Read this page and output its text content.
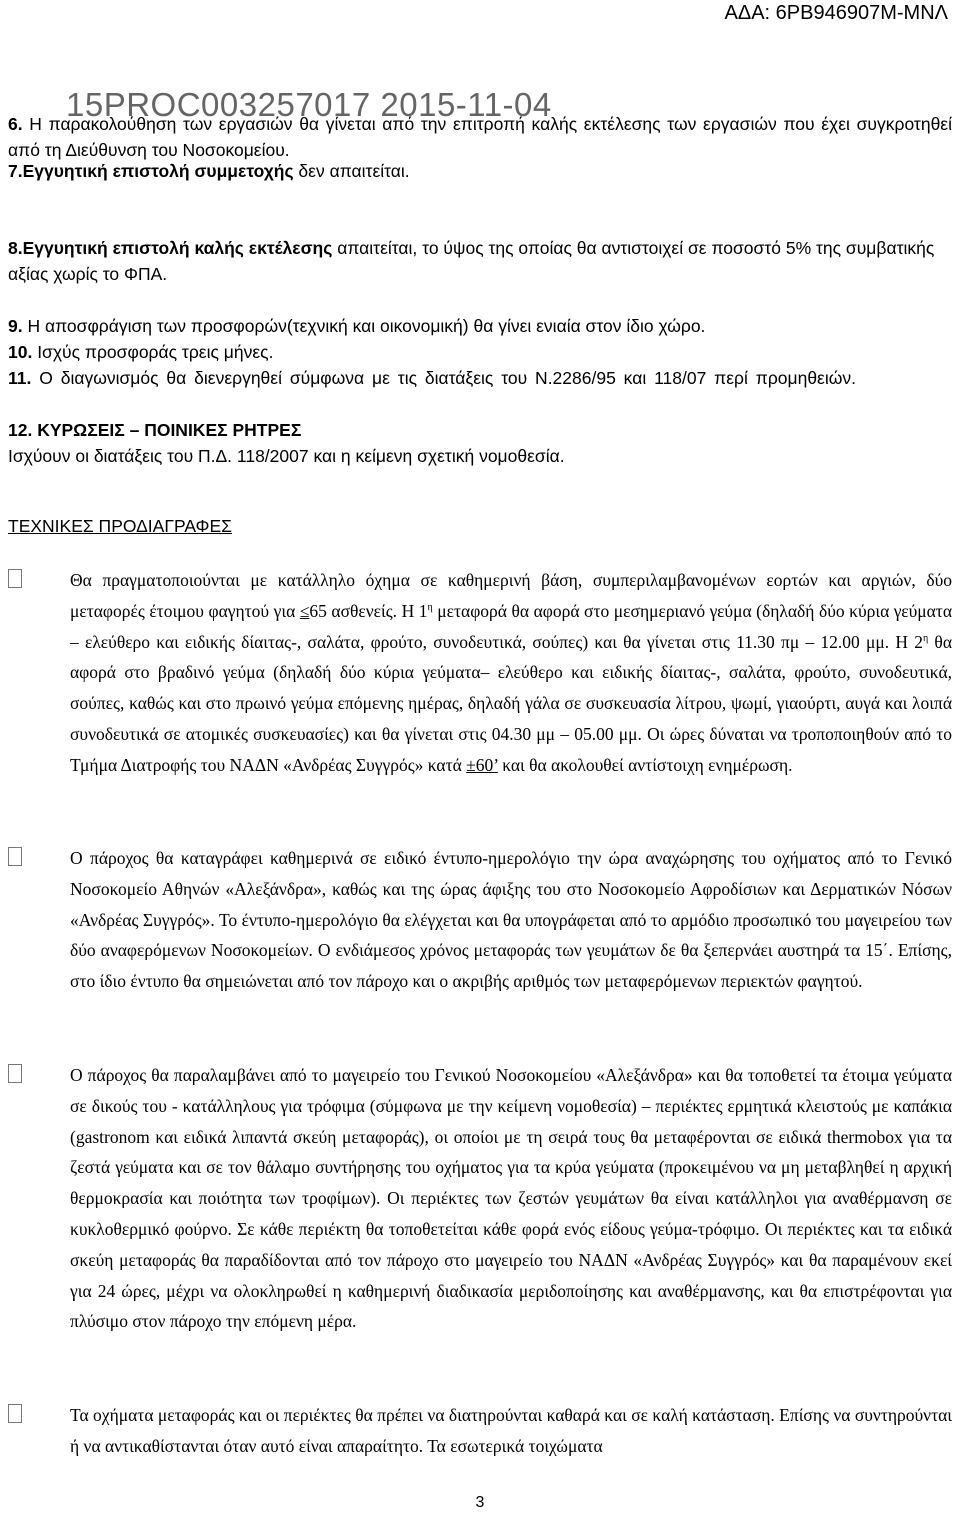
ΑΔΑ: 6ΡΒ946907Μ-ΜΝΛ
15PROC003257017 2015-11-04
6. Η παρακολούθηση των εργασιών θα γίνεται από την επιτροπή καλής εκτέλεσης των εργασιών που έχει συγκροτηθεί από τη Διεύθυνση του Νοσοκομείου.
7.Εγγυητική επιστολή συμμετοχής δεν απαιτείται.
8.Εγγυητική επιστολή καλής εκτέλεσης απαιτείται, το ύψος της οποίας θα αντιστοιχεί σε ποσοστό 5% της συμβατικής αξίας χωρίς το ΦΠΑ.
9. Η αποσφράγιση των προσφορών(τεχνική και οικονομική) θα γίνει ενιαία στον ίδιο χώρο.
10. Ισχύς προσφοράς τρεις μήνες.
11. Ο διαγωνισμός θα διενεργηθεί σύμφωνα με τις διατάξεις του Ν.2286/95 και 118/07 περί προμηθειών.
12. ΚΥΡΩΣΕΙΣ – ΠΟΙΝΙΚΕΣ ΡΗΤΡΕΣ
Ισχύουν οι διατάξεις του Π.Δ. 118/2007 και η κείμενη σχετική νομοθεσία.
ΤΕΧΝΙΚΕΣ ΠΡΟΔΙΑΓΡΑΦΕΣ
Θα πραγματοποιούνται με κατάλληλο όχημα σε καθημερινή βάση, συμπεριλαμβανομένων εορτών και αργιών, δύο μεταφορές έτοιμου φαγητού για ≤65 ασθενείς. Η $1^\eta$ μεταφορά θα αφορά στο μεσημεριανό γεύμα (δηλαδή δύο κύρια γεύματα – ελεύθερο και ειδικής δίαιτας-, σαλάτα, φρούτο, συνοδευτικά, σούπες) και θα γίνεται στις 11.30 πμ – 12.00 μμ. Η $2^\eta$ θα αφορά στο βραδινό γεύμα (δηλαδή δύο κύρια γεύματα– ελεύθερο και ειδικής δίαιτας-, σαλάτα, φρούτο, συνοδευτικά, σούπες, καθώς και στο πρωινό γεύμα επόμενης ημέρας, δηλαδή γάλα σε συσκευασία λίτρου, ψωμί, γιαούρτι, αυγά και λοιπά συνοδευτικά σε ατομικές συσκευασίες) και θα γίνεται στις 04.30 μμ – 05.00 μμ. Οι ώρες δύναται να τροποποιηθούν από το Τμήμα Διατροφής του ΝΑΔΝ «Ανδρέας Συγγρός» κατά ±60’ και θα ακολουθεί αντίστοιχη ενημέρωση.
Ο πάροχος θα καταγράφει καθημερινά σε ειδικό έντυπο-ημερολόγιο την ώρα αναχώρησης του οχήματος από το Γενικό Νοσοκομείο Αθηνών «Αλεξάνδρα», καθώς και της ώρας άφιξης του στο Νοσοκομείο Αφροδίσιων και Δερματικών Νόσων «Ανδρέας Συγγρός». Το έντυπο-ημερολόγιο θα ελέγχεται και θα υπογράφεται από το αρμόδιο προσωπικό του μαγειρείου των δύο αναφερόμενων Νοσοκομείων. Ο ενδιάμεσος χρόνος μεταφοράς των γευμάτων δε θα ξεπερνάει αυστηρά τα 15΄. Επίσης, στο ίδιο έντυπο θα σημειώνεται από τον πάροχο και ο ακριβής αριθμός των μεταφερόμενων περιεκτών φαγητού.
Ο πάροχος θα παραλαμβάνει από το μαγειρείο του Γενικού Νοσοκομείου «Αλεξάνδρα» και θα τοποθετεί τα έτοιμα γεύματα σε δικούς του - κατάλληλους για τρόφιμα (σύμφωνα με την κείμενη νομοθεσία) – περιέκτες ερμητικά κλειστούς με καπάκια (gastronom και ειδικά λιπαντά σκεύη μεταφοράς), οι οποίοι με τη σειρά τους θα μεταφέρονται σε ειδικά thermobox για τα ζεστά γεύματα και σε τον θάλαμο συντήρησης του οχήματος για τα κρύα γεύματα (προκειμένου να μη μεταβληθεί η αρχική θερμοκρασία και ποιότητα των τροφίμων). Οι περιέκτες των ζεστών γευμάτων θα είναι κατάλληλοι για αναθέρμανση σε κυκλοθερμικό φούρνο. Σε κάθε περιέκτη θα τοποθετείται κάθε φορά ενός είδους γεύμα-τρόφιμο. Οι περιέκτες και τα ειδικά σκεύη μεταφοράς θα παραδίδονται από τον πάροχο στο μαγειρείο του ΝΑΔΝ «Ανδρέας Συγγρός» και θα παραμένουν εκεί για 24 ώρες, μέχρι να ολοκληρωθεί η καθημερινή διαδικασία μεριδοποίησης και αναθέρμανσης, και θα επιστρέφονται για πλύσιμο στον πάροχο την επόμενη μέρα.
Τα οχήματα μεταφοράς και οι περιέκτες θα πρέπει να διατηρούνται καθαρά και σε καλή κατάσταση. Επίσης να συντηρούνται ή να αντικαθίστανται όταν αυτό είναι απαραίτητο. Τα εσωτερικά τοιχώματα
3
